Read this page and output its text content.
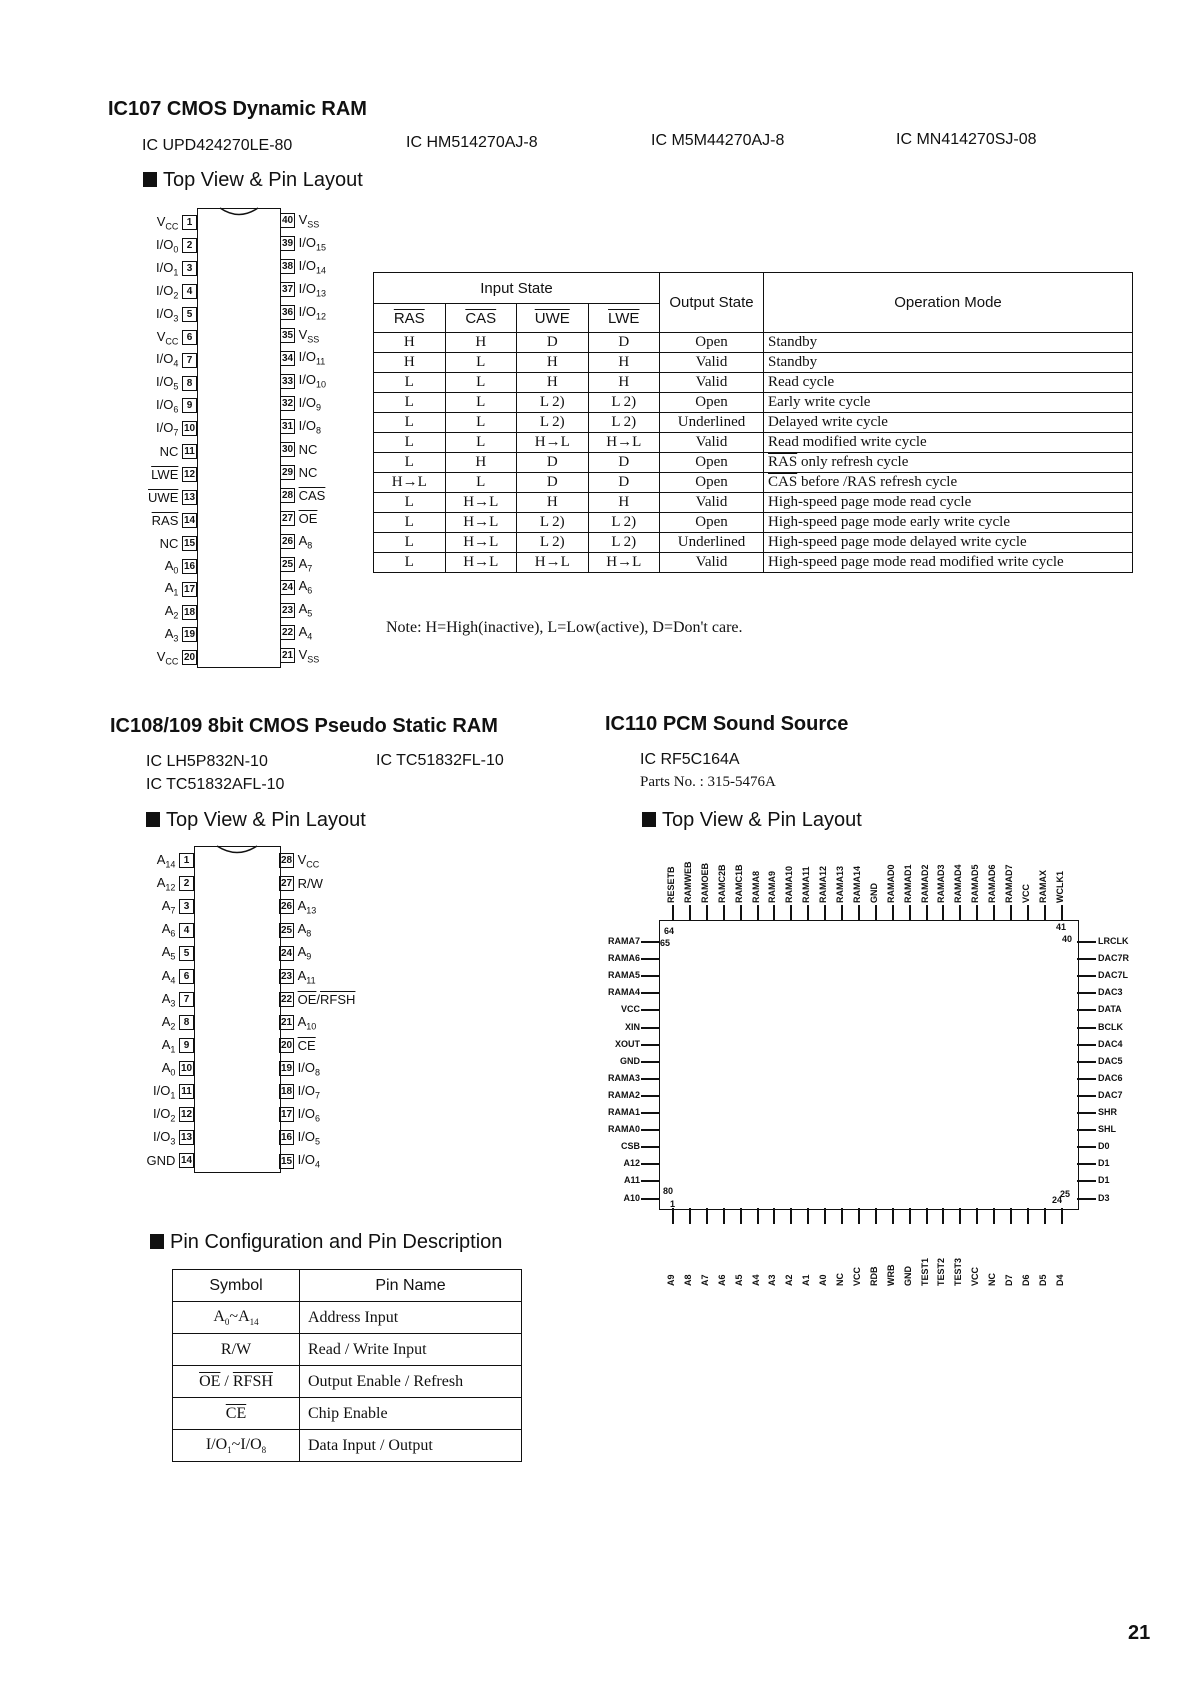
IC107 CMOS Dynamic RAM
IC UPD424270LE-80	IC HM514270AJ-8	IC M5M44270AJ-8	IC MN414270SJ-08
Top View & Pin Layout
$V_{CC}$ 1
$I/O_0$ 2
$I/O_1$ 3
$I/O_2$ 4
$I/O_3$ 5
$V_{CC}$ 6
$I/O_4$ 7
$I/O_5$ 8
$I/O_6$ 9
$I/O_7$ 10
NC 11
$\overline{LWE}$ 12
$\overline{UWE}$ 13
$\overline{RAS}$ 14
NC 15
$A_0$ 16
$A_1$ 17
$A_2$ 18
$A_3$ 19
$V_{CC}$ 20
40 $V_{SS}$
39 $I/O_{15}$
38 $I/O_{14}$
37 $I/O_{13}$
36 $I/O_{12}$
35 $V_{SS}$
34 $I/O_{11}$
33 $I/O_{10}$
32 $I/O_9$
31 $I/O_8$
30 NC
29 NC
28 $\overline{CAS}$
27 $\overline{OE}$
26 $A_8$
25 $A_7$
24 $A_6$
23 $A_5$
22 $A_4$
21 $V_{SS}$
Input State				Output State	Operation Mode
$\overline{RAS}$	$\overline{CAS}$	$\overline{UWE}$	$\overline{LWE}$
H	H	D	D	Open	Standby
H	L	H	H	Valid	Standby
L	L	H	H	Valid	Read cycle
L	L	L 2)	L 2)	Open	Early write cycle
L	L	L 2)	L 2)	Underlined	Delayed write cycle
L	L	H→L	H→L	Valid	Read modified write cycle
L	H	D	D	Open	$\overline{RAS}$ only refresh cycle
H→L	L	D	D	Open	$\overline{CAS}$ before /RAS refresh cycle
L	H→L	H	H	Valid	High-speed page mode read cycle
L	H→L	L 2)	L 2)	Open	High-speed page mode early write cycle
L	H→L	L 2)	L 2)	Underlined	High-speed page mode delayed write cycle
L	H→L	H→L	H→L	Valid	High-speed page mode read modified write cycle
Note: H=High(inactive), L=Low(active), D=Don't care.
IC108/109 8bit CMOS Pseudo Static RAM
IC LH5P832N-10	IC TC51832FL-10
IC TC51832AFL-10
Top View & Pin Layout
$A_{14}$ 1
$A_{12}$ 2
$A_7$ 3
$A_6$ 4
$A_5$ 5
$A_4$ 6
$A_3$ 7
$A_2$ 8
$A_1$ 9
$A_0$ 10
$I/O_1$ 11
$I/O_2$ 12
$I/O_3$ 13
GND 14
28 $V_{CC}$
27 R/W
26 $A_{13}$
25 $A_8$
24 $A_9$
23 $A_{11}$
22 $\overline{OE}$/RFSH
21 $A_{10}$
20 $\overline{CE}$
19 $I/O_8$
18 $I/O_7$
17 $I/O_6$
16 $I/O_5$
15 $I/O_4$
Pin Configuration and Pin Description
Symbol	Pin Name
$A_0\sim A_{14}$	Address Input
R/W	Read / Write Input
$\overline{OE}$ / RFSH	Output Enable / Refresh
$\overline{CE}$	Chip Enable
$I/O_1\sim I/O_8$	Data Input / Output
IC110 PCM Sound Source
IC RF5C164A
Parts No. : 315-5476A
Top View & Pin Layout
RESETB RAMWEB RAMOEB RAMC2B RAMC1B RAMA8 RAMA9 RAMA10 RAMA11 RAMA12 RAMA13 RAMA14 GND RAMAD0 RAMAD1 RAMAD2 RAMAD3 RAMAD4 RAMAD5 RAMAD6 RAMAD7 VCC RAMAX WCLK1
A9 A8 A7 A6 A5 A4 A3 A2 A1 A0 NC VCC RDB WRB GND TEST1 TEST2 TEST3 VCC NC D7 D6 D5 D4
RAMA7
RAMA6
RAMA5
RAMA4
VCC
XIN
XOUT
GND
RAMA3
RAMA2
RAMA1
RAMA0
CSB
A12
A11
A10
LRCLK
DAC7R
DAC7L
DAC3
DATA
BCLK
DAC4
DAC5
DAC6
DAC7
SHR
SHL
D0
D1
D1
D3
64
65
41
40
80
1
25
24
21
